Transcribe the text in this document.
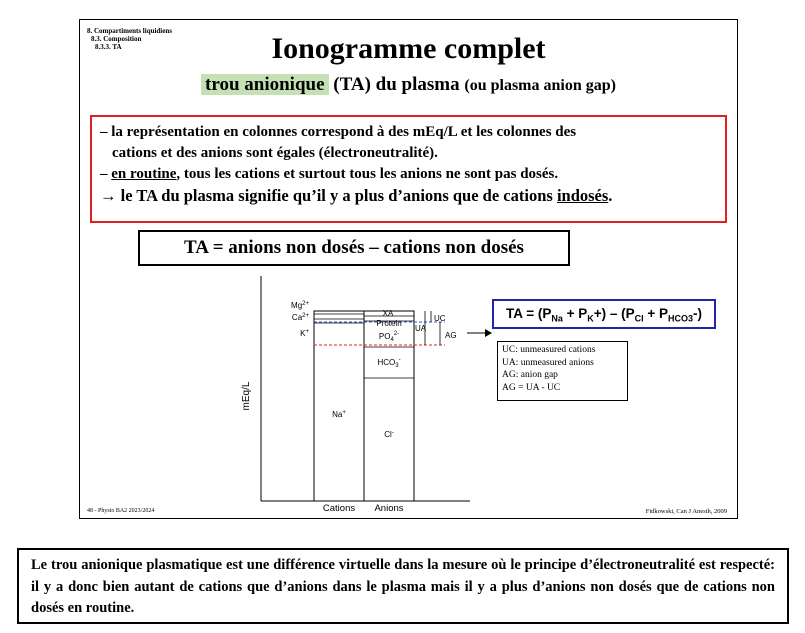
8. Compartiments liquidiens
8.3. Composition
8.3.3. TA	Ionogramme complet
trou anionique (TA) du plasma (ou plasma anion gap)

– la représentation en colonnes correspond à des mEq/L et les colonnes des

cations et des anions sont égales (électroneutralité).

– en routine, tous les cations et surtout tous les anions ne sont pas dosés.

→ le TA du plasma signifie qu’il y a plus d’anions que de cations indosés.

TA = anions non dosés – cations non dosés
mEq/L
$Mg^{2+}$
$Ca^{2+}$
K+
Na+
XA-
Protein
$PO_4^{2-}$
$HCO_3^-$
Cl-
UC
UA
AG
Cations Anions
TA = $(P_{Na} + P_K+) - (P_{Cl} + P_{HCO3}-)$
UC: unmeasured cations
UA: unmeasured anions
AG: anion gap
AG = UA - UC
48 - Physio BA2 2023/2024	Fidkowski, Can J Anesth, 2009
Le trou anionique plasmatique est une différence virtuelle dans la mesure où le principe d’électroneutralité est respecté: il y a donc bien autant de cations que d’anions dans le plasma mais il y a plus d’anions non dosés que de cations non dosés en routine.
